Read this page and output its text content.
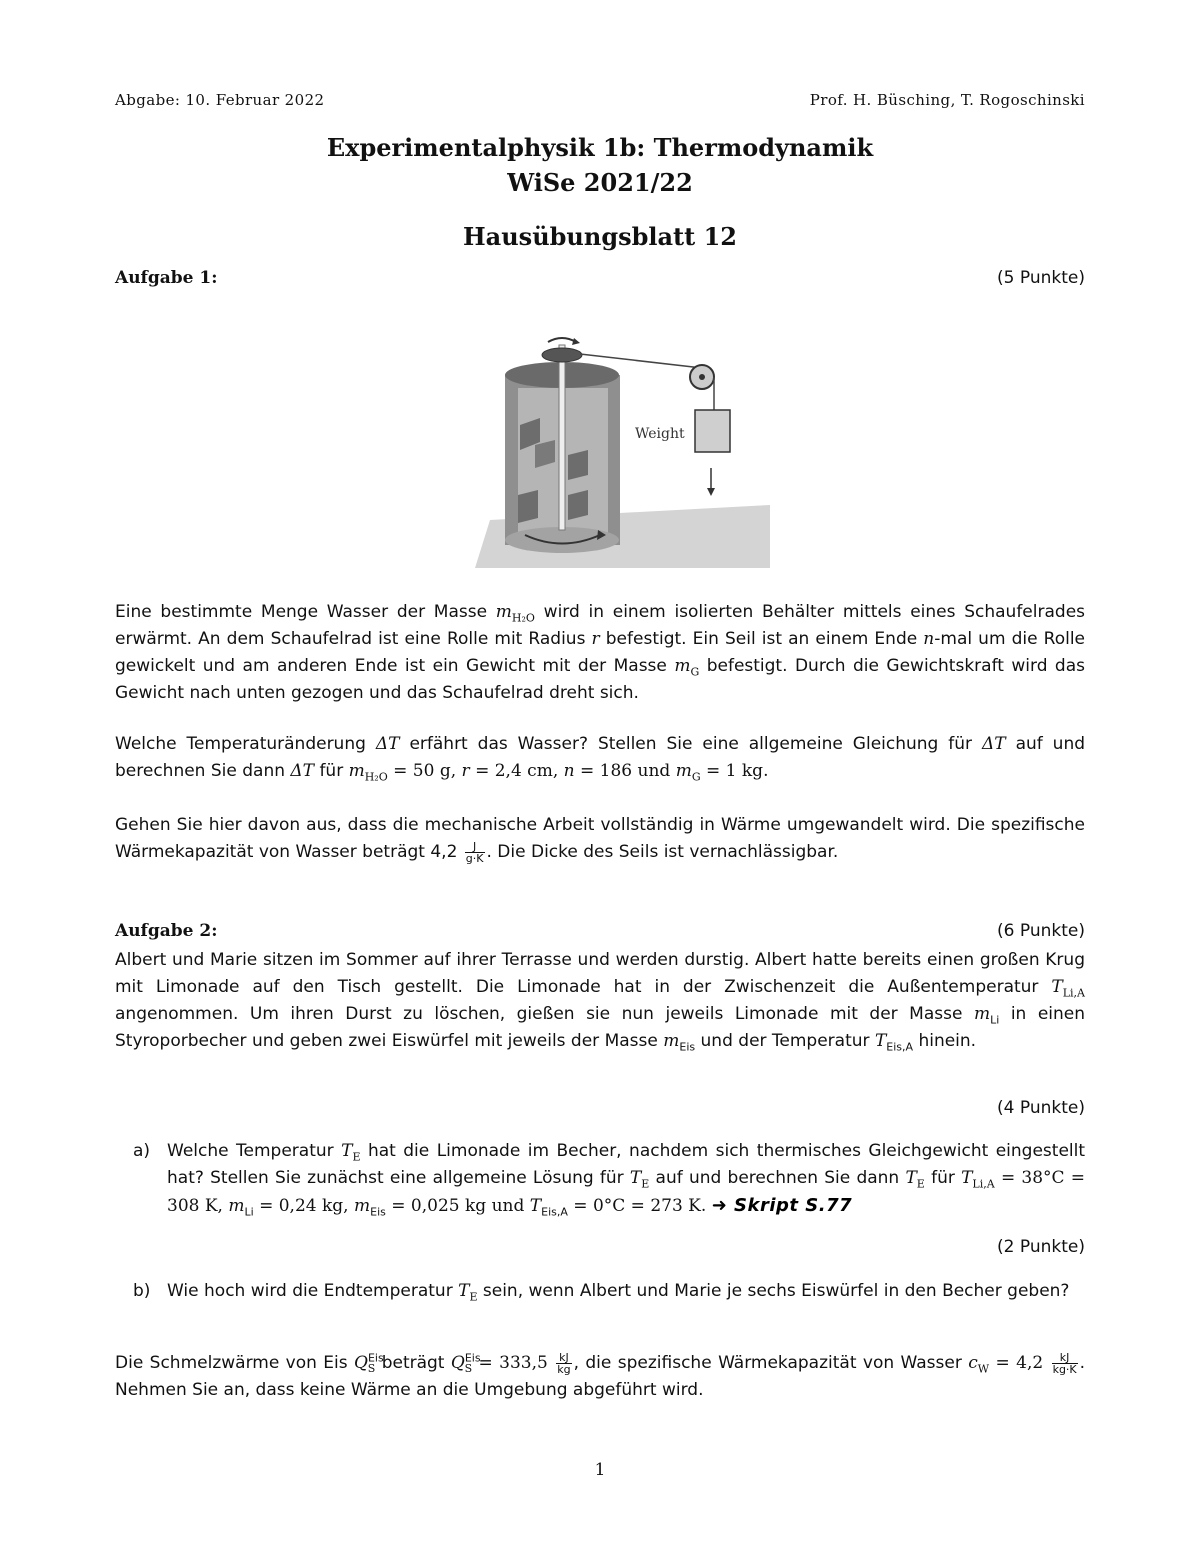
Abgabe: 10. Februar 2022	Prof. H. Büsching, T. Rogoschinski
Experimentalphysik 1b: Thermodynamik
WiSe 2021/22
Hausübungsblatt 12
Aufgabe 1:	(5 Punkte)
Weight
Eine bestimmte Menge Wasser der Masse $m_{H_2O}$ wird in einem isolierten Behälter mittels eines Schaufelrades erwärmt. An dem Schaufelrad ist eine Rolle mit Radius r befestigt. Ein Seil ist an einem Ende n-mal um die Rolle gewickelt und am anderen Ende ist ein Gewicht mit der Masse $m_G$ befestigt. Durch die Gewichtskraft wird das Gewicht nach unten gezogen und das Schaufelrad dreht sich.
Welche Temperaturänderung ΔT erfährt das Wasser? Stellen Sie eine allgemeine Gleichung für ΔT auf und berechnen Sie dann ΔT für $m_{H_2O} = 50$ g, r = 2,4 cm, n = 186 und $m_G = 1$ kg.
Gehen Sie hier davon aus, dass die mechanische Arbeit vollständig in Wärme umgewandelt wird. Die spezifische Wärmekapazität von Wasser beträgt $4,2 \frac{J}{g\cdot K}$ . Die Dicke des Seils ist vernachlässigbar.
Aufgabe 2:	(6 Punkte)
Albert und Marie sitzen im Sommer auf ihrer Terrasse und werden durstig. Albert hatte bereits einen großen Krug mit Limonade auf den Tisch gestellt. Die Limonade hat in der Zwischenzeit die Außentemperatur $T_{Li,A}$ angenommen. Um ihren Durst zu löschen, gießen sie nun jeweils Limonade mit der Masse $m_{Li}$ in einen Styroporbecher und geben zwei Eiswürfel mit jeweils der Masse $m_{Eis}$ und der Temperatur $T_{Eis,A}$ hinein.
(4 Punkte)
a) Welche Temperatur $T_E$ hat die Limonade im Becher, nachdem sich thermisches Gleichgewicht eingestellt hat? Stellen Sie zunächst eine allgemeine Lösung für $T_E$ auf und berechnen Sie dann $T_E$ für $T_{Li,A} = 38^\circ C = 308$ K, $m_{Li} = 0,24$ kg, $m_{Eis} = 0,025$ kg und $T_{Eis,A} = 0^\circ C = 273$ K. ➜ Skript S.77
(2 Punkte)
b) Wie hoch wird die Endtemperatur $T_E$ sein, wenn Albert und Marie je sechs Eiswürfel in den Becher geben?
Die Schmelzwärme von Eis $Q^{Eis}_S$ beträgt $Q^{Eis}_S = 333,5 \frac{kJ}{kg}$ , die spezifische Wärmekapazität von Wasser $c_W = 4,2 \frac{kJ}{kg\cdot K}$ . Nehmen Sie an, dass keine Wärme an die Umgebung abgeführt wird.
1
